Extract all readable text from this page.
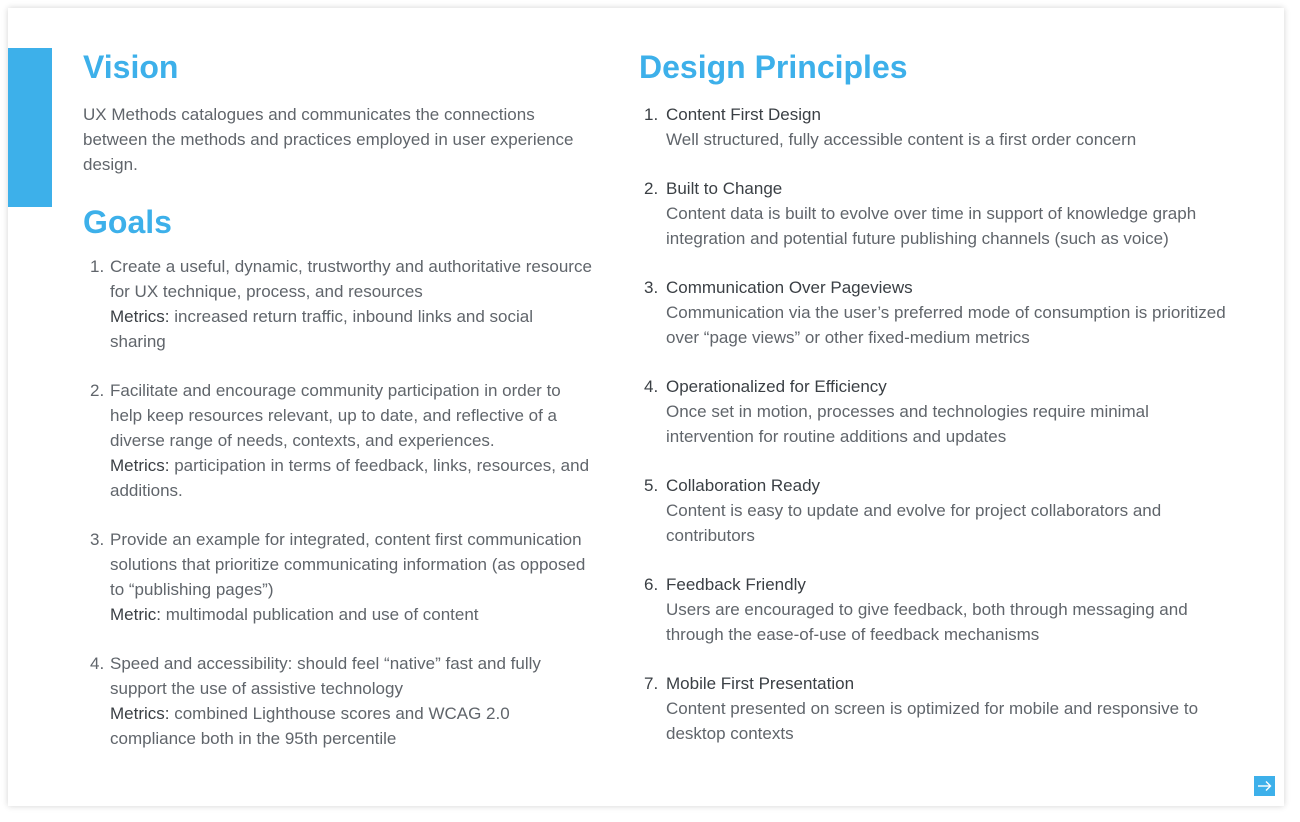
Vision

UX Methods catalogues and communicates the connections between the methods and practices employed in user experience design.

Goals
1. Create a useful, dynamic, trustworthy and authoritative resource for UX technique, process, and resources
Metrics: increased return traffic, inbound links and social sharing
2. Facilitate and encourage community participation in order to help keep resources relevant, up to date, and reflective of a diverse range of needs, contexts, and experiences.
Metrics: participation in terms of feedback, links, resources, and additions.
3. Provide an example for integrated, content first communication solutions that prioritize communicating information (as opposed to “publishing pages”)
Metric: multimodal publication and use of content
4. Speed and accessibility: should feel “native” fast and fully support the use of assistive technology
Metrics: combined Lighthouse scores and WCAG 2.0 compliance both in the 95th percentile
Design Principles
1. Content First Design
Well structured, fully accessible content is a first order concern
2. Built to Change
Content data is built to evolve over time in support of knowledge graph integration and potential future publishing channels (such as voice)
3. Communication Over Pageviews
Communication via the user’s preferred mode of consumption is prioritized over “page views” or other fixed-medium metrics
4. Operationalized for Efficiency
Once set in motion, processes and technologies require minimal intervention for routine additions and updates
5. Collaboration Ready
Content is easy to update and evolve for project collaborators and contributors
6. Feedback Friendly
Users are encouraged to give feedback, both through messaging and through the ease-of-use of feedback mechanisms
7. Mobile First Presentation
Content presented on screen is optimized for mobile and responsive to desktop contexts
